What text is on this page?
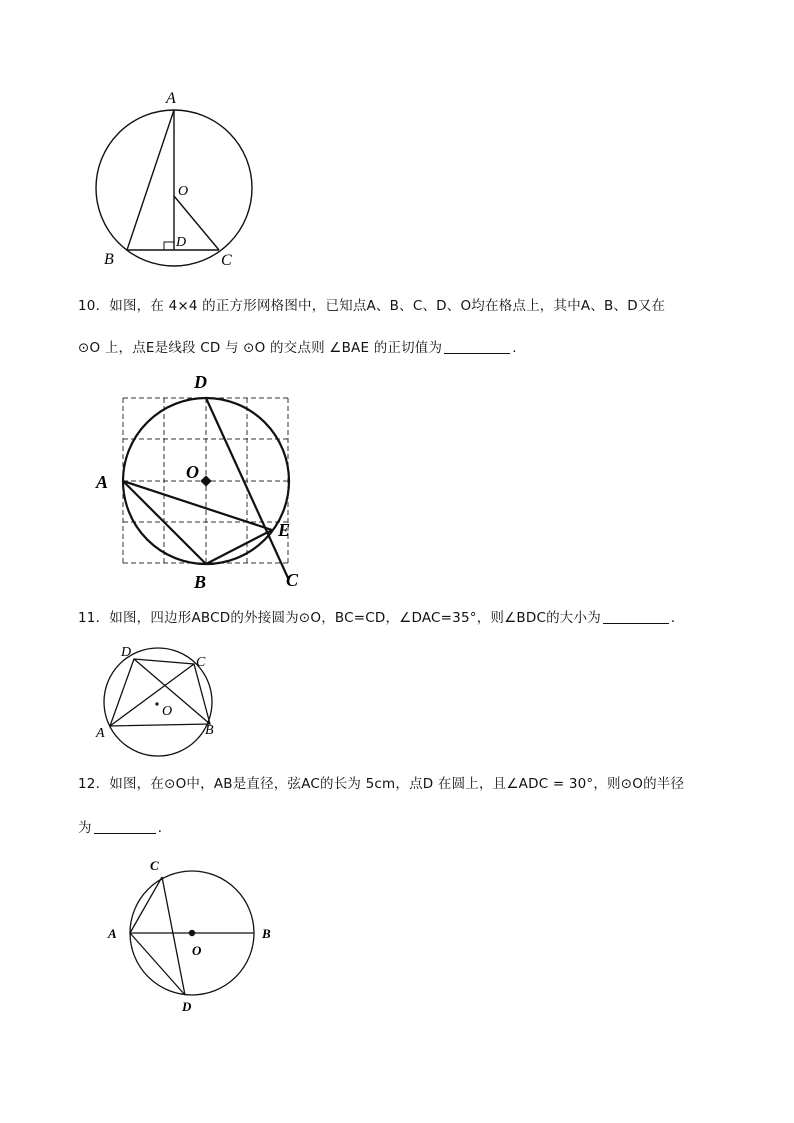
A
O
D
B	C
10．如图，在 4×4 的正方形网格图中，已知点A、B、C、D、O均在格点上，其中A、B、D又在
⊙O 上，点E是线段 CD 与 ⊙O 的交点则 ∠BAE 的正切值为	.
D
O
A
E
B	C
11．如图，四边形ABCD的外接圆为⊙O，BC=CD，∠DAC=35°，则∠BDC的大小为	．
D
C
O
A	B
12．如图，在⊙O中，AB是直径，弦AC的长为 5cm，点D 在圆上，且∠ADC = 30°，则⊙O的半径
为	．
C
A
O
B
D
